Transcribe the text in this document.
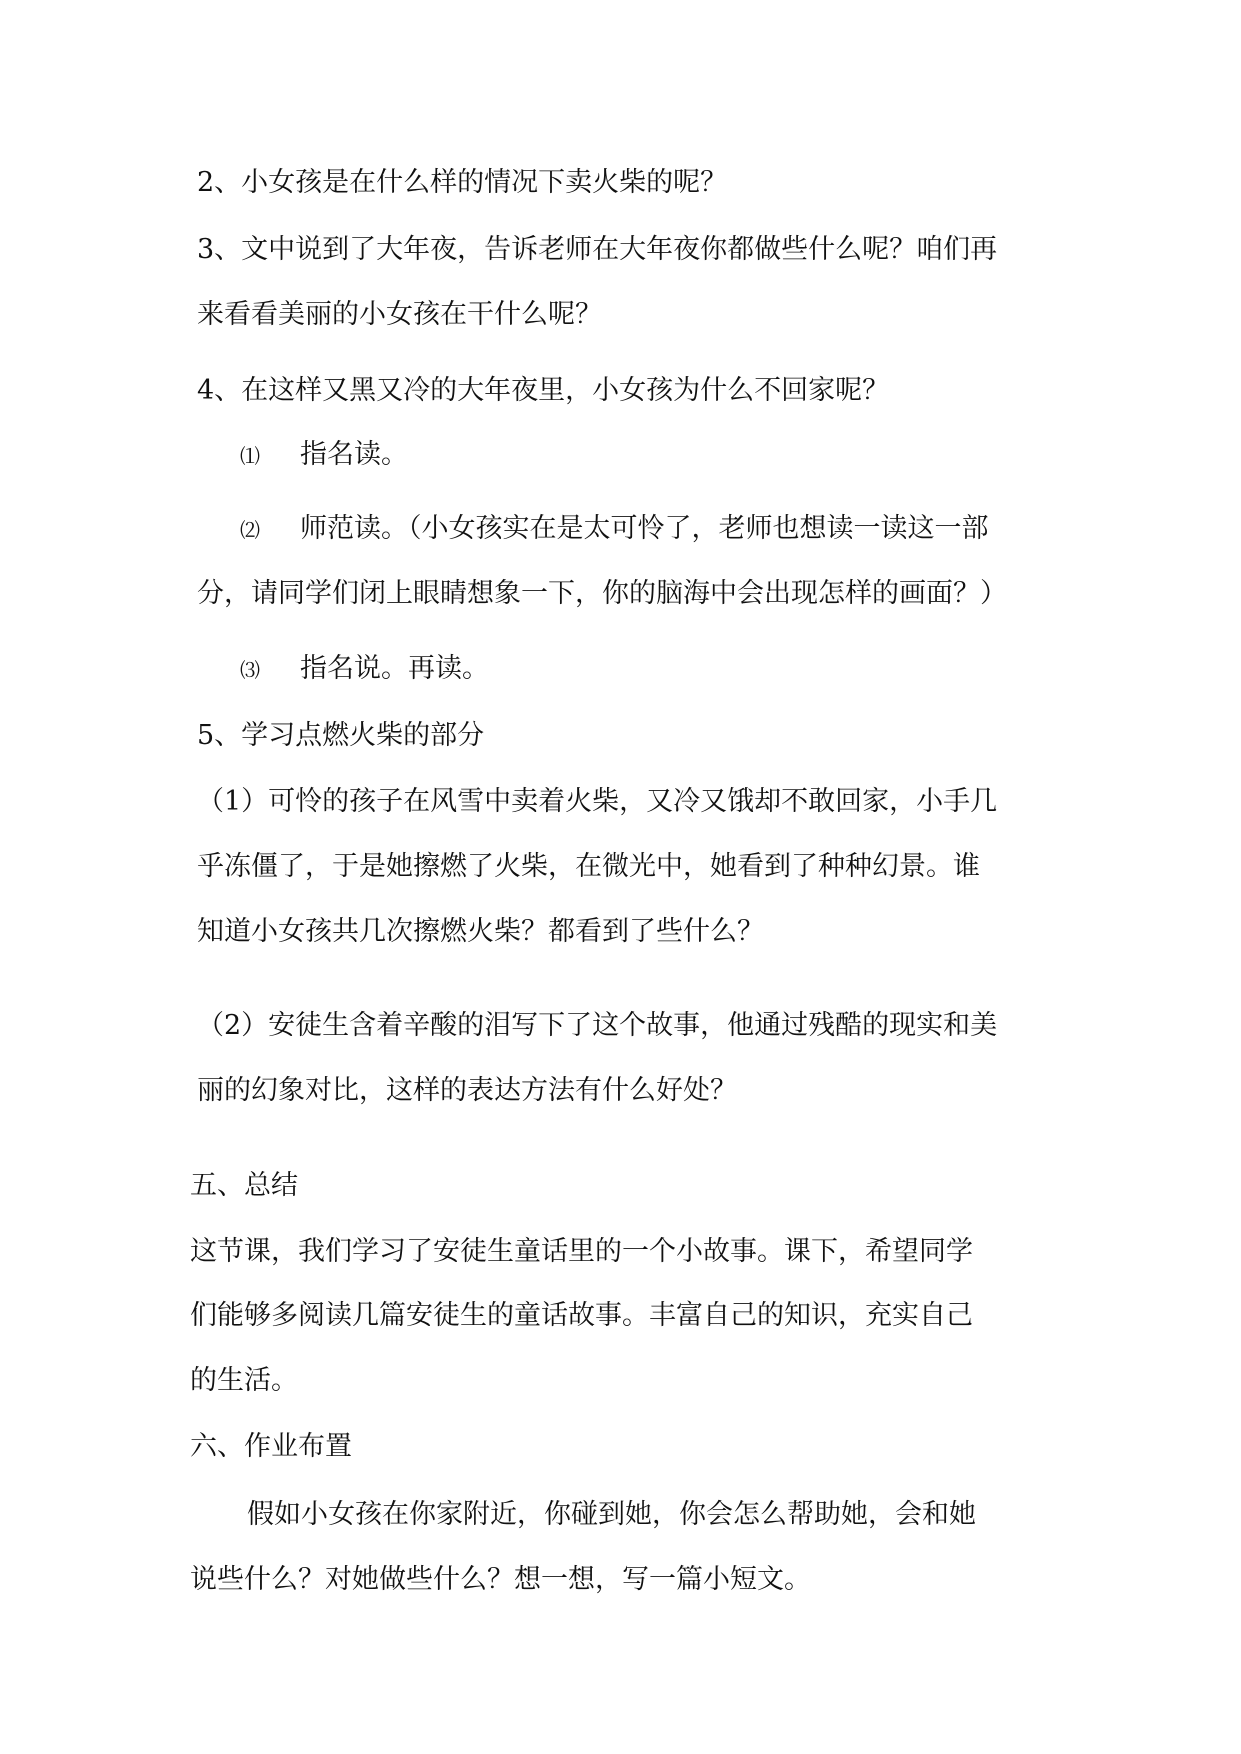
2、小女孩是在什么样的情况下卖火柴的呢？
3、文中说到了大年夜，告诉老师在大年夜你都做些什么呢？咱们再
来看看美丽的小女孩在干什么呢？
4、在这样又黑又冷的大年夜里，小女孩为什么不回家呢？
⑴ 指名读。
⑵ 师范读。（小女孩实在是太可怜了，老师也想读一读这一部
分，请同学们闭上眼睛想象一下，你的脑海中会出现怎样的画面？）
⑶ 指名说。再读。
5、学习点燃火柴的部分
（1）可怜的孩子在风雪中卖着火柴，又冷又饿却不敢回家，小手几
乎冻僵了，于是她擦燃了火柴，在微光中，她看到了种种幻景。谁
知道小女孩共几次擦燃火柴？都看到了些什么？
（2）安徒生含着辛酸的泪写下了这个故事，他通过残酷的现实和美
丽的幻象对比，这样的表达方法有什么好处？
五、总结
这节课，我们学习了安徒生童话里的一个小故事。课下，希望同学
们能够多阅读几篇安徒生的童话故事。丰富自己的知识，充实自己
的生活。
六、作业布置
假如小女孩在你家附近，你碰到她，你会怎么帮助她，会和她
说些什么？对她做些什么？想一想，写一篇小短文。
